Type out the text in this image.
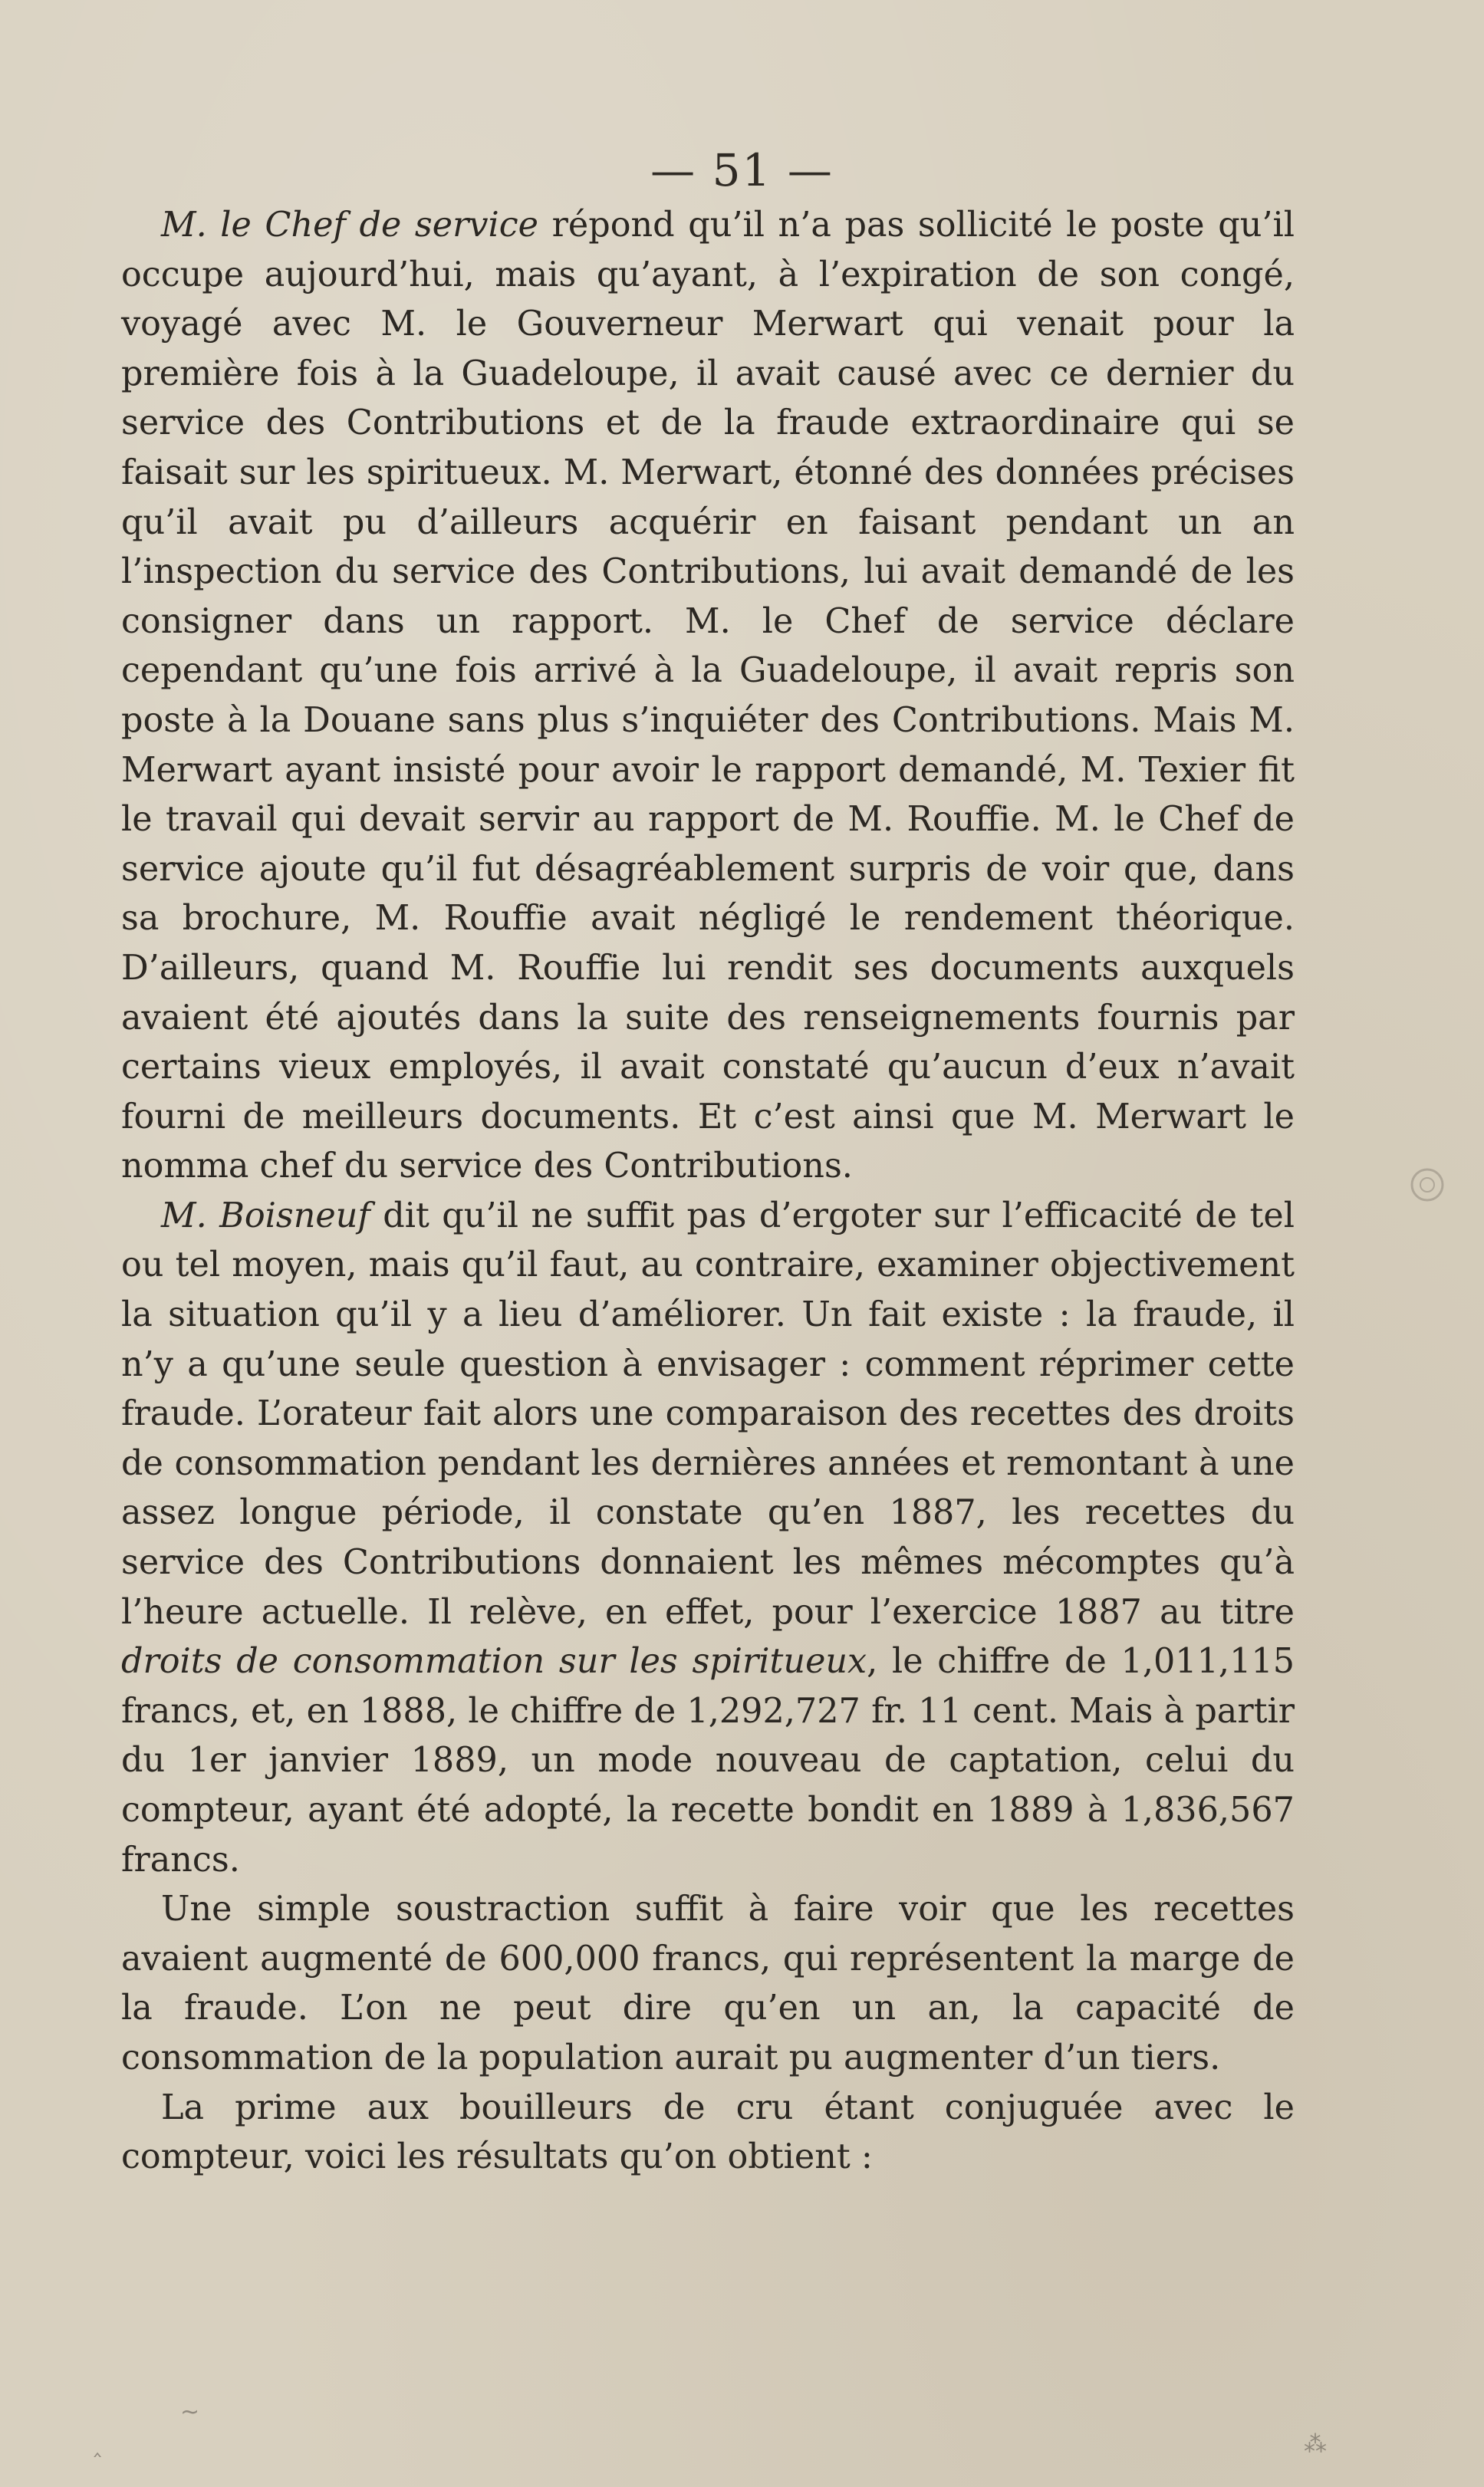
— 51 —

M. le Chef de service répond qu’il n’a pas sollicité le poste qu’il occupe aujourd’hui, mais qu’ayant, à l’expiration de son congé, voyagé avec M. le Gouverneur Merwart qui venait pour la première fois à la Guadeloupe, il avait causé avec ce dernier du service des Contributions et de la fraude extraordinaire qui se faisait sur les spiritueux. M. Merwart, étonné des données précises qu’il avait pu d’ailleurs acquérir en faisant pendant un an l’inspection du service des Contributions, lui avait demandé de les consigner dans un rapport. M. le Chef de service déclare cependant qu’une fois arrivé à la Guadeloupe, il avait repris son poste à la Douane sans plus s’inquiéter des Contributions. Mais M. Merwart ayant insisté pour avoir le rapport demandé, M. Texier fit le travail qui devait servir au rapport de M. Rouffie. M. le Chef de service ajoute qu’il fut désagréablement surpris de voir que, dans sa brochure, M. Rouffie avait négligé le rendement théorique. D’ailleurs, quand M. Rouffie lui rendit ses documents auxquels avaient été ajoutés dans la suite des renseignements fournis par certains vieux employés, il avait constaté qu’aucun d’eux n’avait fourni de meilleurs documents. Et c’est ainsi que M. Merwart le nomma chef du service des Contributions.

M. Boisneuf dit qu’il ne suffit pas d’ergoter sur l’efficacité de tel ou tel moyen, mais qu’il faut, au contraire, examiner objectivement la situation qu’il y a lieu d’améliorer. Un fait existe : la fraude, il n’y a qu’une seule question à envisager : comment réprimer cette fraude. L’orateur fait alors une comparaison des recettes des droits de consommation pendant les dernières années et remontant à une assez longue période, il constate qu’en 1887, les recettes du service des Contributions donnaient les mêmes mécomptes qu’à l’heure actuelle. Il relève, en effet, pour l’exercice 1887 au titre droits de consommation sur les spiritueux, le chiffre de 1,011,115 francs, et, en 1888, le chiffre de 1,292,727 fr. 11 cent. Mais à partir du 1er janvier 1889, un mode nouveau de captation, celui du compteur, ayant été adopté, la recette bondit en 1889 à 1,836,567 francs.

Une simple soustraction suffit à faire voir que les recettes avaient augmenté de 600,000 francs, qui représentent la marge de la fraude. L’on ne peut dire qu’en un an, la capacité de consommation de la population aurait pu augmenter d’un tiers.

La prime aux bouilleurs de cru étant conjuguée avec le compteur, voici les résultats qu’on obtient :

‸
~
⁂
